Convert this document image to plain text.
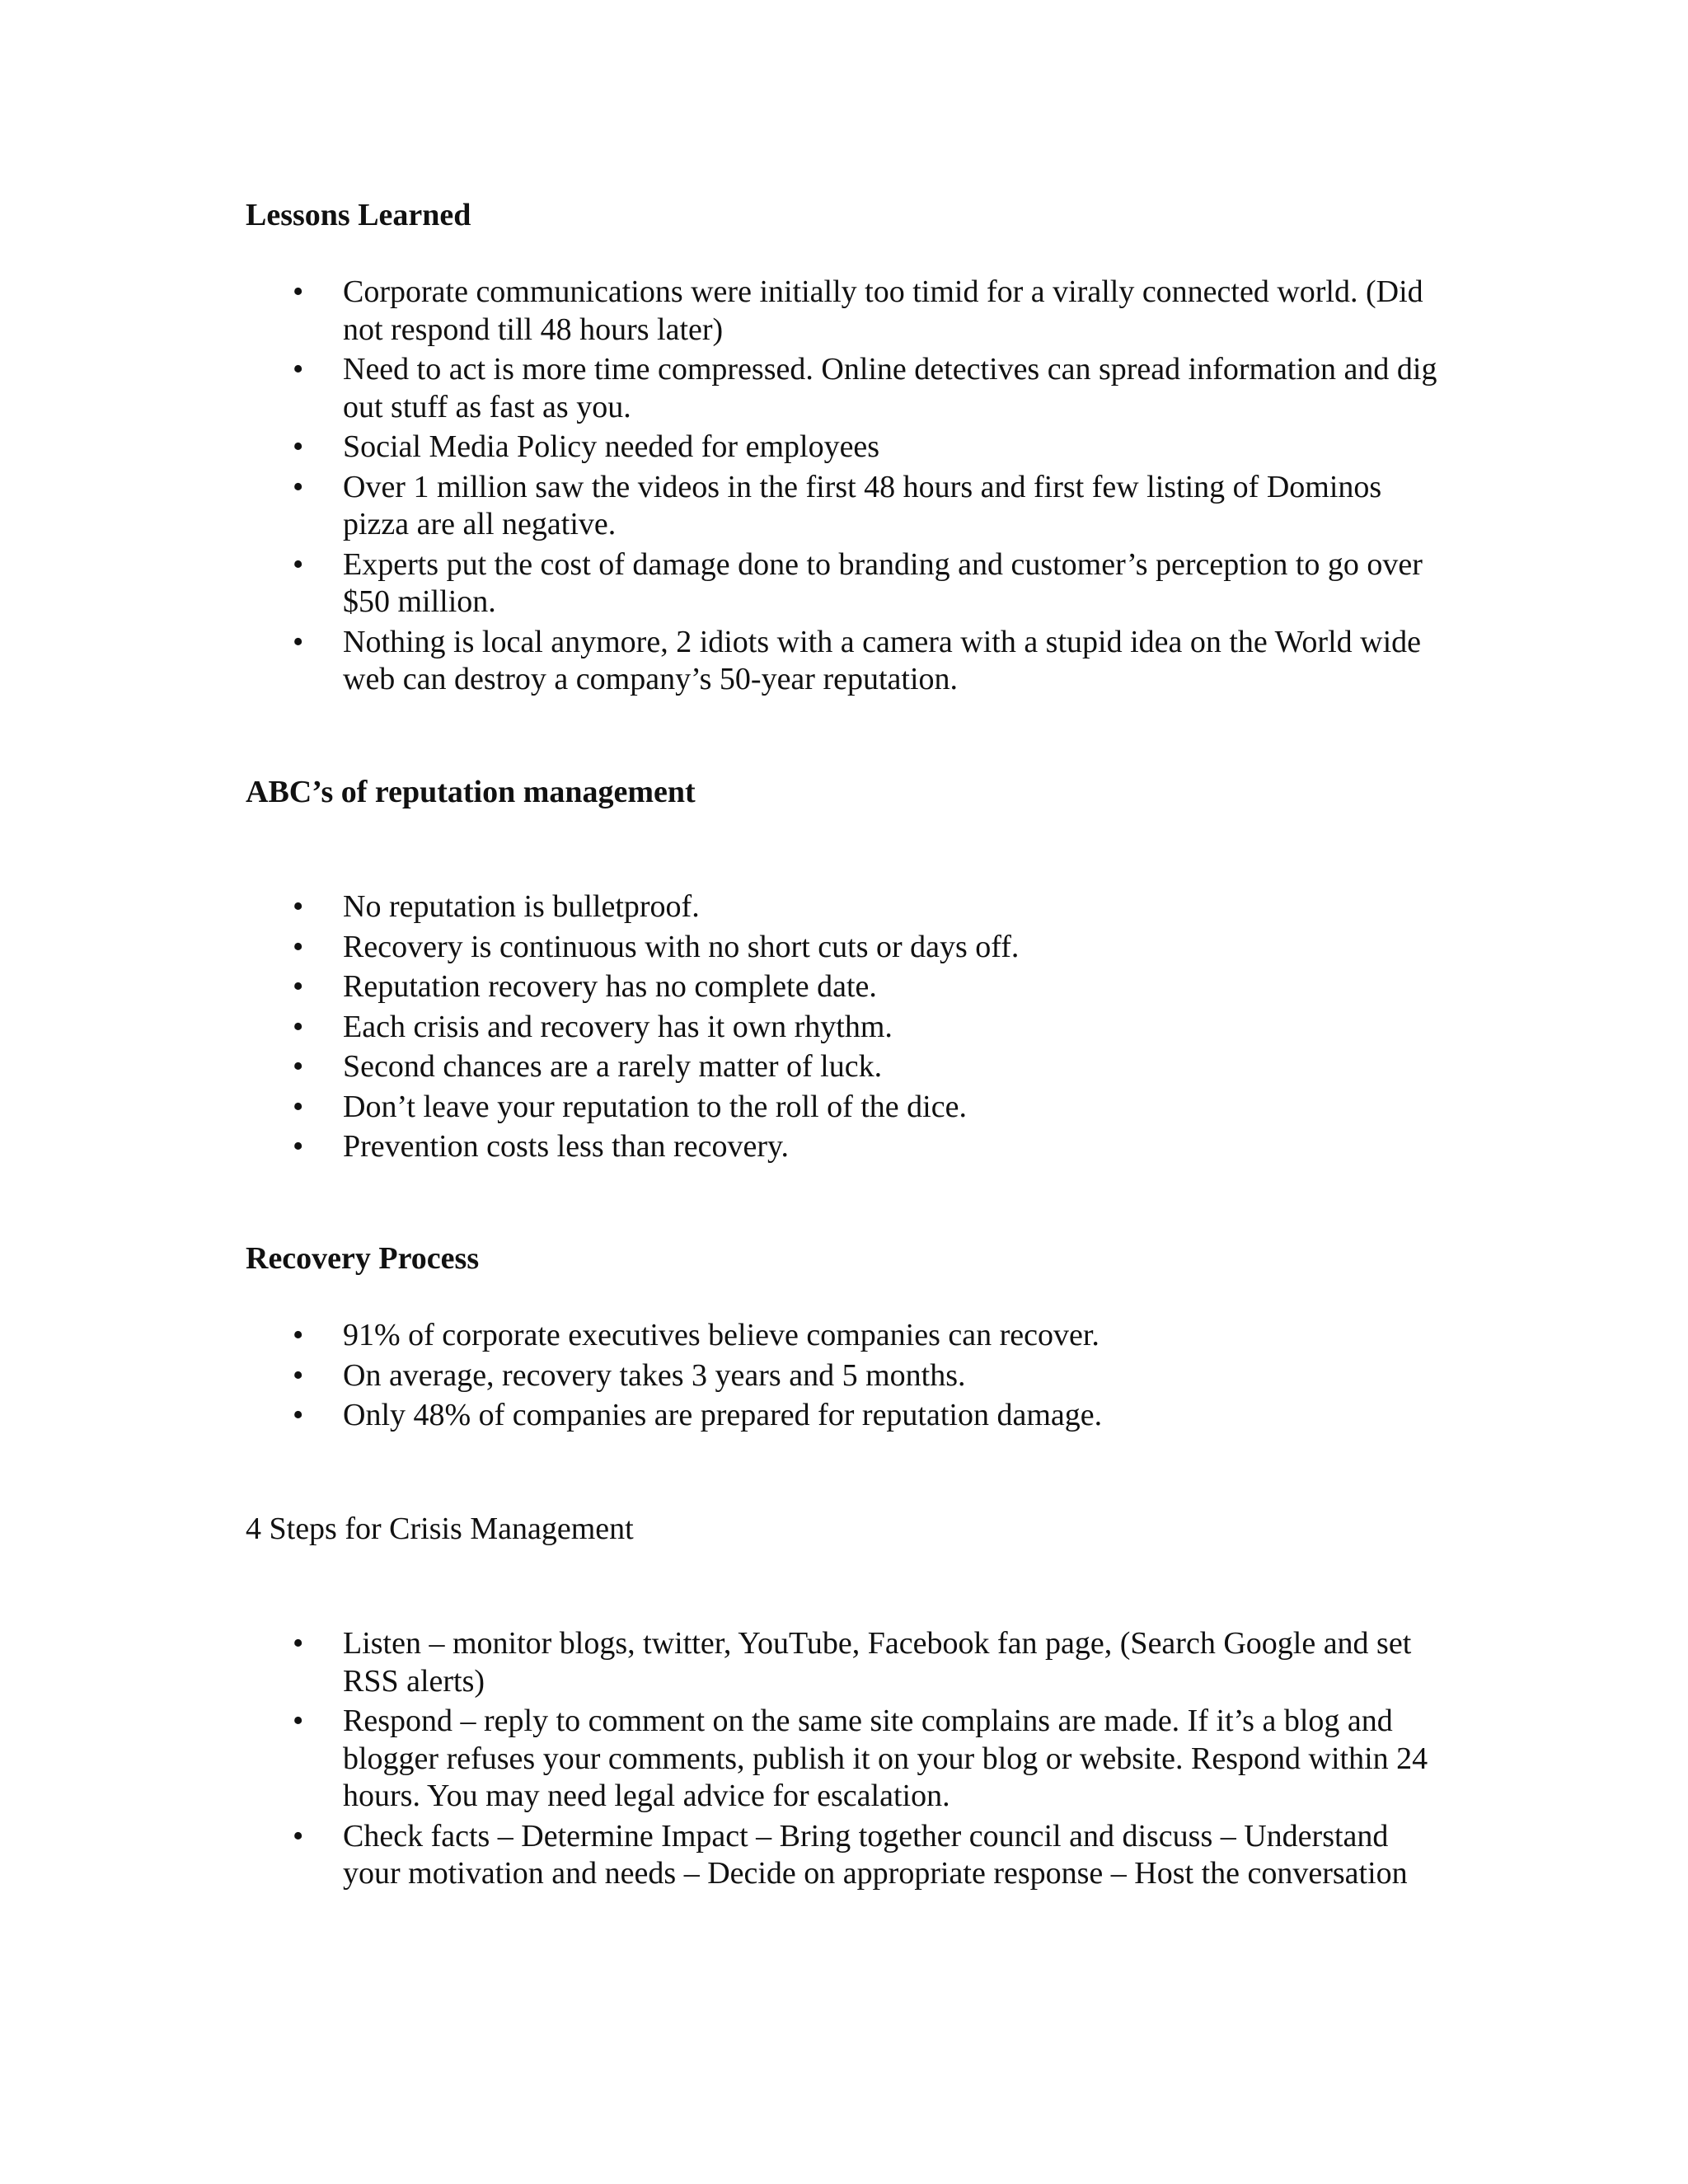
Lessons Learned
• Corporate communications were initially too timid for a virally connected world. (Did not respond till 48 hours later)
• Need to act is more time compressed. Online detectives can spread information and dig out stuff as fast as you.
• Social Media Policy needed for employees
• Over 1 million saw the videos in the first 48 hours and first few listing of Dominos pizza are all negative.
• Experts put the cost of damage done to branding and customer’s perception to go over $50 million.
• Nothing is local anymore, 2 idiots with a camera with a stupid idea on the World wide web can destroy a company’s 50-year reputation.
ABC’s of reputation management
• No reputation is bulletproof.
• Recovery is continuous with no short cuts or days off.
• Reputation recovery has no complete date.
• Each crisis and recovery has it own rhythm.
• Second chances are a rarely matter of luck.
• Don’t leave your reputation to the roll of the dice.
• Prevention costs less than recovery.
Recovery Process
• 91% of corporate executives believe companies can recover.
• On average, recovery takes 3 years and 5 months.
• Only 48% of companies are prepared for reputation damage.
4 Steps for Crisis Management
• Listen – monitor blogs, twitter, YouTube, Facebook fan page, (Search Google and set RSS alerts)
• Respond – reply to comment on the same site complains are made. If it’s a blog and blogger refuses your comments, publish it on your blog or website. Respond within 24 hours. You may need legal advice for escalation.
• Check facts – Determine Impact – Bring together council and discuss – Understand your motivation and needs – Decide on appropriate response – Host the conversation
